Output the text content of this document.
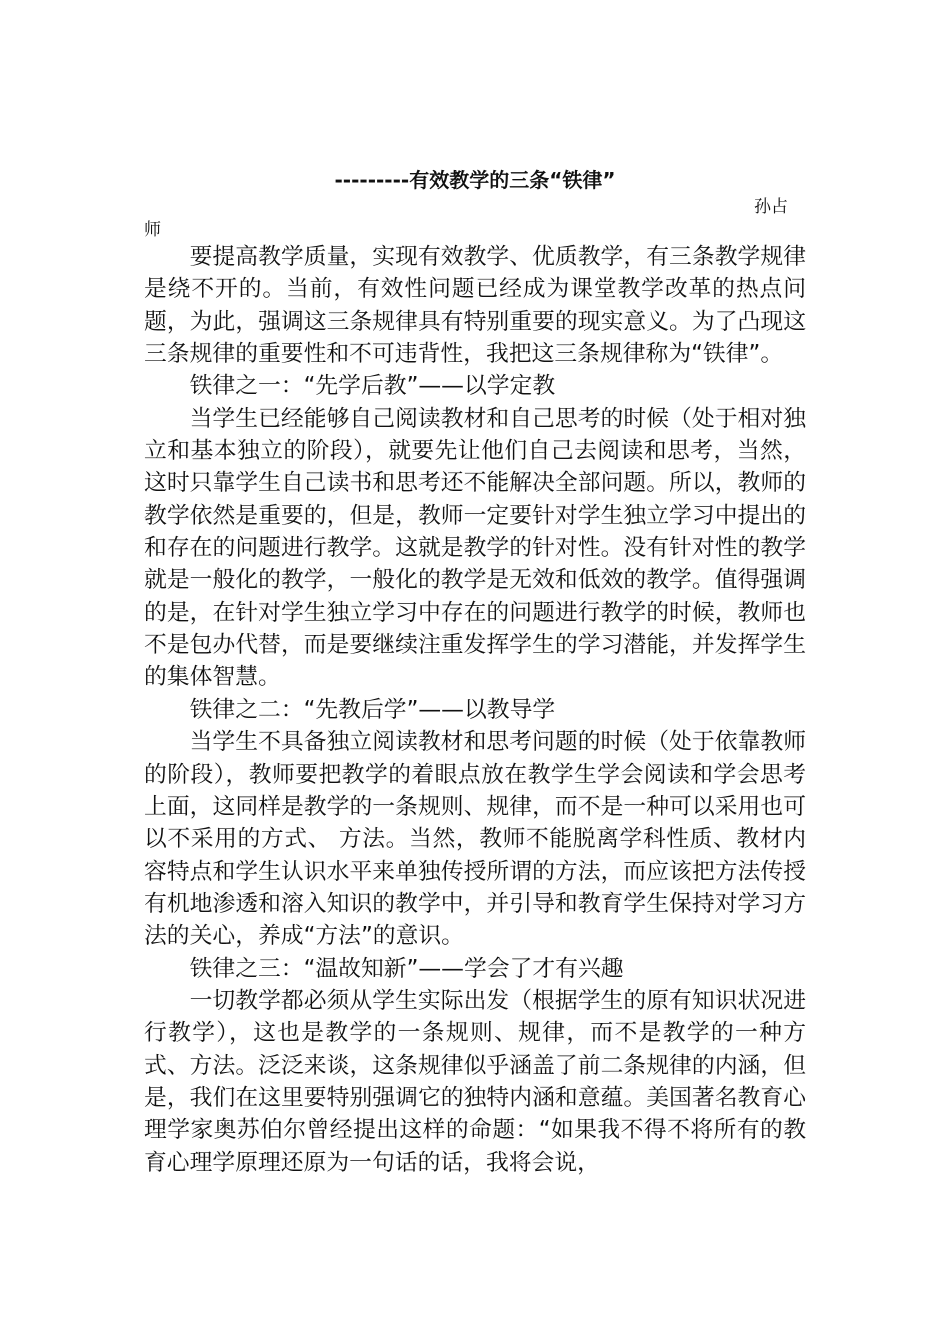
---------有效教学的三条“铁律”
孙占
师

要提高教学质量，实现有效教学、优质教学，有三条教学规律是绕不开的。当前，有效性问题已经成为课堂教学改革的热点问题，为此，强调这三条规律具有特别重要的现实意义。为了凸现这三条规律的重要性和不可违背性，我把这三条规律称为“铁律”。

铁律之一：“先学后教”——以学定教

当学生已经能够自己阅读教材和自己思考的时候（处于相对独立和基本独立的阶段），就要先让他们自己去阅读和思考，当然，这时只靠学生自己读书和思考还不能解决全部问题。所以，教师的教学依然是重要的，但是，教师一定要针对学生独立学习中提出的和存在的问题进行教学。这就是教学的针对性。没有针对性的教学就是一般化的教学，一般化的教学是无效和低效的教学。值得强调的是，在针对学生独立学习中存在的问题进行教学的时候，教师也不是包办代替，而是要继续注重发挥学生的学习潜能，并发挥学生的集体智慧。

铁律之二：“先教后学”——以教导学

当学生不具备独立阅读教材和思考问题的时候（处于依靠教师的阶段），教师要把教学的着眼点放在教学生学会阅读和学会思考上面，这同样是教学的一条规则、规律，而不是一种可以采用也可以不采用的方式、 方法。当然，教师不能脱离学科性质、教材内容特点和学生认识水平来单独传授所谓的方法，而应该把方法传授有机地渗透和溶入知识的教学中，并引导和教育学生保持对学习方法的关心，养成“方法”的意识。

铁律之三：“温故知新”——学会了才有兴趣

一切教学都必须从学生实际出发（根据学生的原有知识状况进行教学），这也是教学的一条规则、规律，而不是教学的一种方式、方法。泛泛来谈，这条规律似乎涵盖了前二条规律的内涵，但是，我们在这里要特别强调它的独特内涵和意蕴。美国著名教育心理学家奥苏伯尔曾经提出这样的命题：“如果我不得不将所有的教育心理学原理还原为一句话的话，我将会说，
